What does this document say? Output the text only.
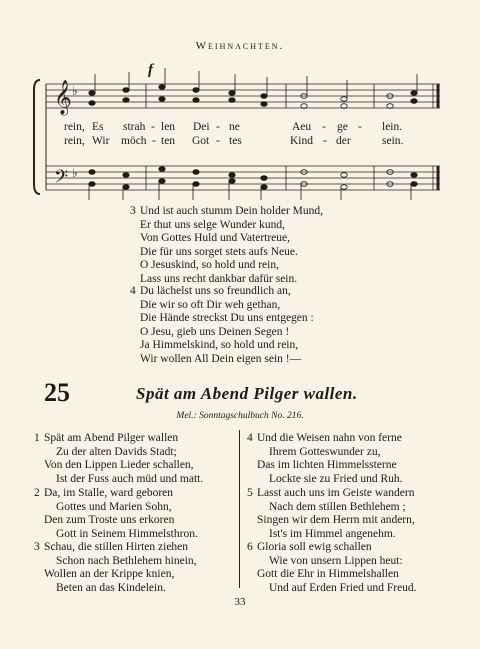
Weihnachten.
𝄞
𝄢
♭
♭
f
rein, Es strah - len Dei - ne	Aeu - ge - lein.
rein, Wir möch - ten Got - tes	Kind - der	sein.
3 Und ist auch stumm Dein holder Mund,
Er thut uns selge Wunder kund,
Von Gottes Huld und Vatertreue,
Die für uns sorget stets aufs Neue.
O Jesuskind, so hold und rein,
Lass uns recht dankbar dafür sein.
4 Du lächelst uns so freundlich an,
Die wir so oft Dir weh gethan,
Die Hände streckst Du uns entgegen :
O Jesu, gieb uns Deinen Segen !
Ja Himmelskind, so hold und rein,
Wir wollen All Dein eigen sein !—
25	Spät am Abend Pilger wallen.
Mel.: Sonntagschulbuch No. 216.
1 Spät am Abend Pilger wallen
Zu der alten Davids Stadt;
Von den Lippen Lieder schallen,
Ist der Fuss auch müd und matt.
2 Da, im Stalle, ward geboren
Gottes und Marien Sohn,
Den zum Troste uns erkoren
Gott in Seinem Himmelsthron.
3 Schau, die stillen Hirten ziehen
Schon nach Bethlehem hinein,
Wollen an der Krippe knien,
Beten an das Kindelein.
4 Und die Weisen nahn von ferne
Ihrem Gotteswunder zu,
Das im lichten Himmelssterne
Lockte sie zu Fried und Ruh.
5 Lasst auch uns im Geiste wandern
Nach dem stillen Bethlehem ;
Singen wir dem Herrn mit andern,
Ist's im Himmel angenehm.
6 Gloria soll ewig schallen
Wie von unsern Lippen heut:
Gott die Ehr in Himmelshallen
Und auf Erden Fried und Freud.
33
